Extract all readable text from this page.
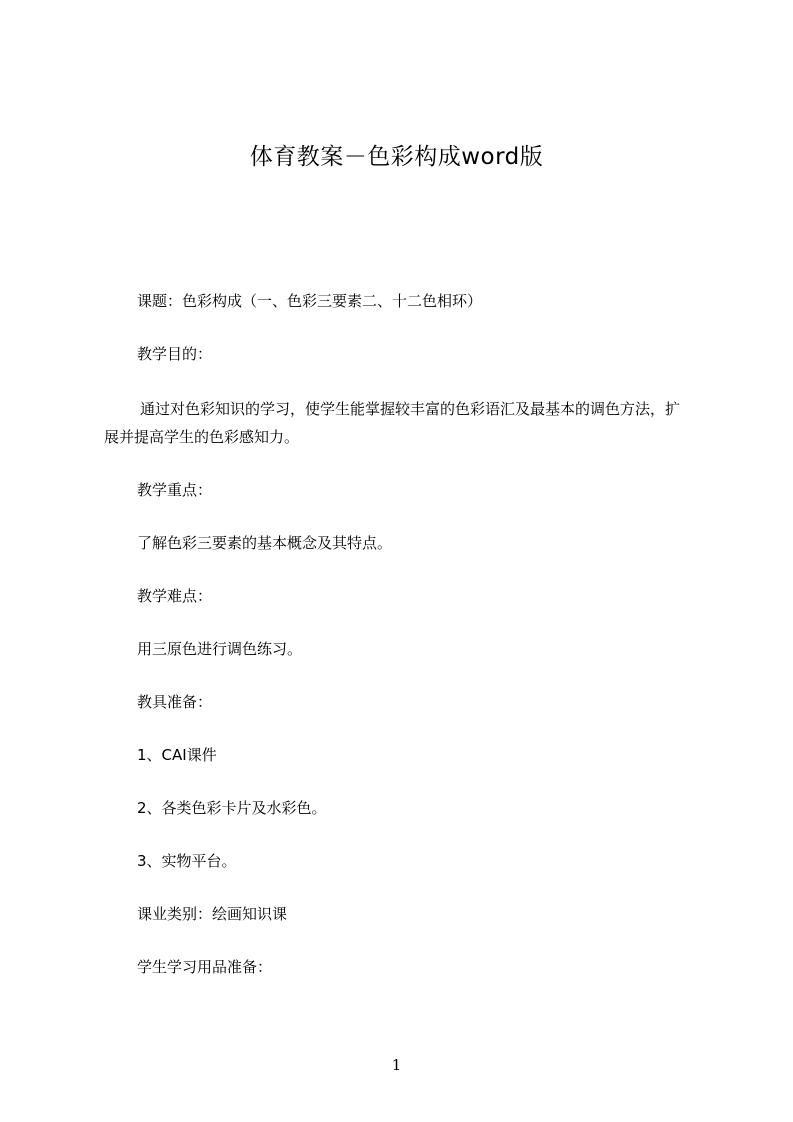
体育教案－色彩构成word版
课题：色彩构成（一、色彩三要素二、十二色相环）
教学目的：
通过对色彩知识的学习，使学生能掌握较丰富的色彩语汇及最基本的调色方法，扩展并提高学生的色彩感知力。
教学重点：
了解色彩三要素的基本概念及其特点。
教学难点：
用三原色进行调色练习。
教具准备：
1、CAI课件
2、各类色彩卡片及水彩色。
3、实物平台。
课业类别：绘画知识课
学生学习用品准备：
1
